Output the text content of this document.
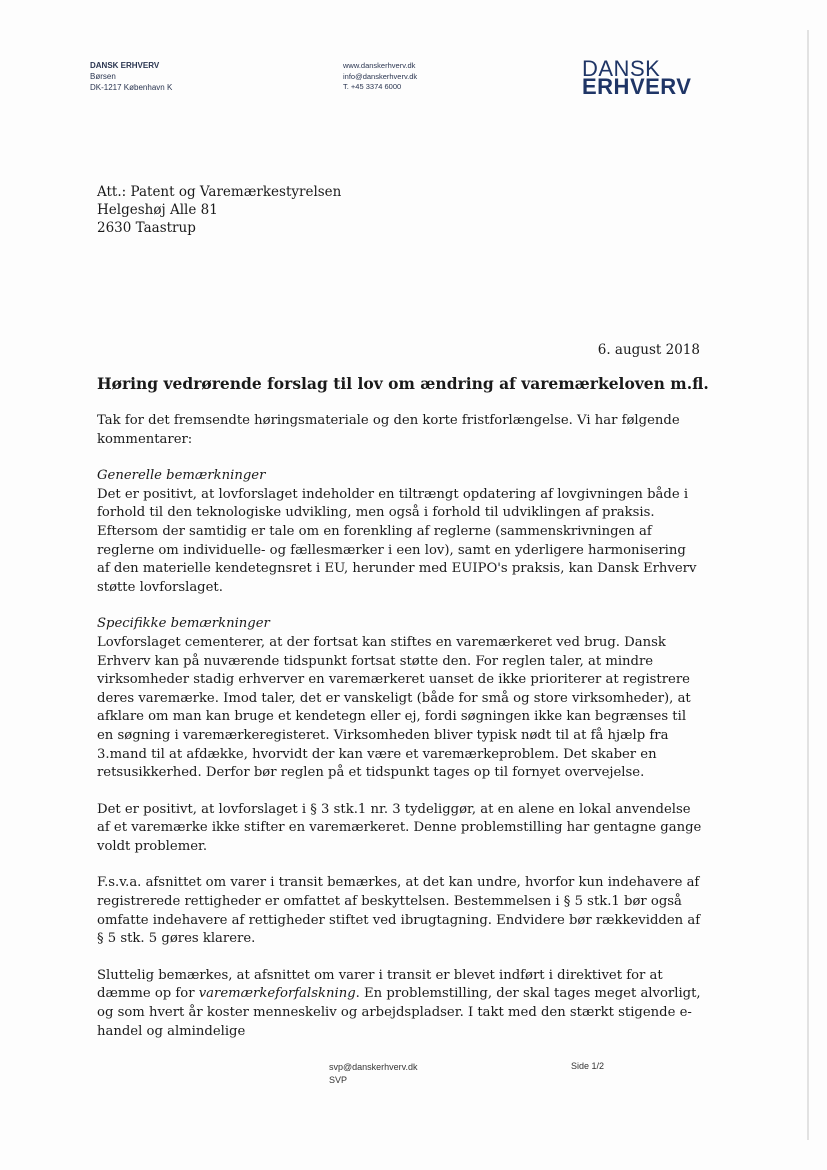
DANSK ERHVERV
Børsen
DK-1217 København K
www.danskerhverv.dk
info@danskerhverv.dk
T. +45 3374 6000
DANSK
ERHVERV
Att.: Patent og Varemærkestyrelsen
Helgeshøj Alle 81
2630 Taastrup
6. august 2018
Høring vedrørende forslag til lov om ændring af varemærkeloven m.fl.

Tak for det fremsendte høringsmateriale og den korte fristforlængelse. Vi har følgende kommentarer:

Generelle bemærkninger

Det er positivt, at lovforslaget indeholder en tiltrængt opdatering af lovgivningen både i forhold til den teknologiske udvikling, men også i forhold til udviklingen af praksis.

Eftersom der samtidig er tale om en forenkling af reglerne (sammenskrivningen af reglerne om individuelle- og fællesmærker i een lov), samt en yderligere harmonisering af den materielle kendetegnsret i EU, herunder med EUIPO's praksis, kan Dansk Erhverv støtte lovforslaget.

Specifikke bemærkninger

Lovforslaget cementerer, at der fortsat kan stiftes en varemærkeret ved brug. Dansk Erhverv kan på nuværende tidspunkt fortsat støtte den. For reglen taler, at mindre virksomheder stadig erhverver en varemærkeret uanset de ikke prioriterer at registrere deres varemærke. Imod taler, det er vanskeligt (både for små og store virksomheder), at afklare om man kan bruge et kendetegn eller ej, fordi søgningen ikke kan begrænses til en søgning i varemærkeregisteret. Virksomheden bliver typisk nødt til at få hjælp fra 3.mand til at afdække, hvorvidt der kan være et varemærkeproblem. Det skaber en retsusikkerhed. Derfor bør reglen på et tidspunkt tages op til fornyet overvejelse.

Det er positivt, at lovforslaget i § 3 stk.1 nr. 3 tydeliggør, at en alene en lokal anvendelse af et varemærke ikke stifter en varemærkeret. Denne problemstilling har gentagne gange voldt problemer.

F.s.v.a. afsnittet om varer i transit bemærkes, at det kan undre, hvorfor kun indehavere af registrerede rettigheder er omfattet af beskyttelsen. Bestemmelsen i § 5 stk.1 bør også omfatte indehavere af rettigheder stiftet ved ibrugtagning. Endvidere bør rækkevidden af § 5 stk. 5 gøres klarere.

Sluttelig bemærkes, at afsnittet om varer i transit er blevet indført i direktivet for at dæmme op for varemærkeforfalskning. En problemstilling, der skal tages meget alvorligt, og som hvert år koster menneskeliv og arbejdspladser. I takt med den stærkt stigende e-handel og almindelige

svp@danskerhverv.dk
SVP
Side 1/2
